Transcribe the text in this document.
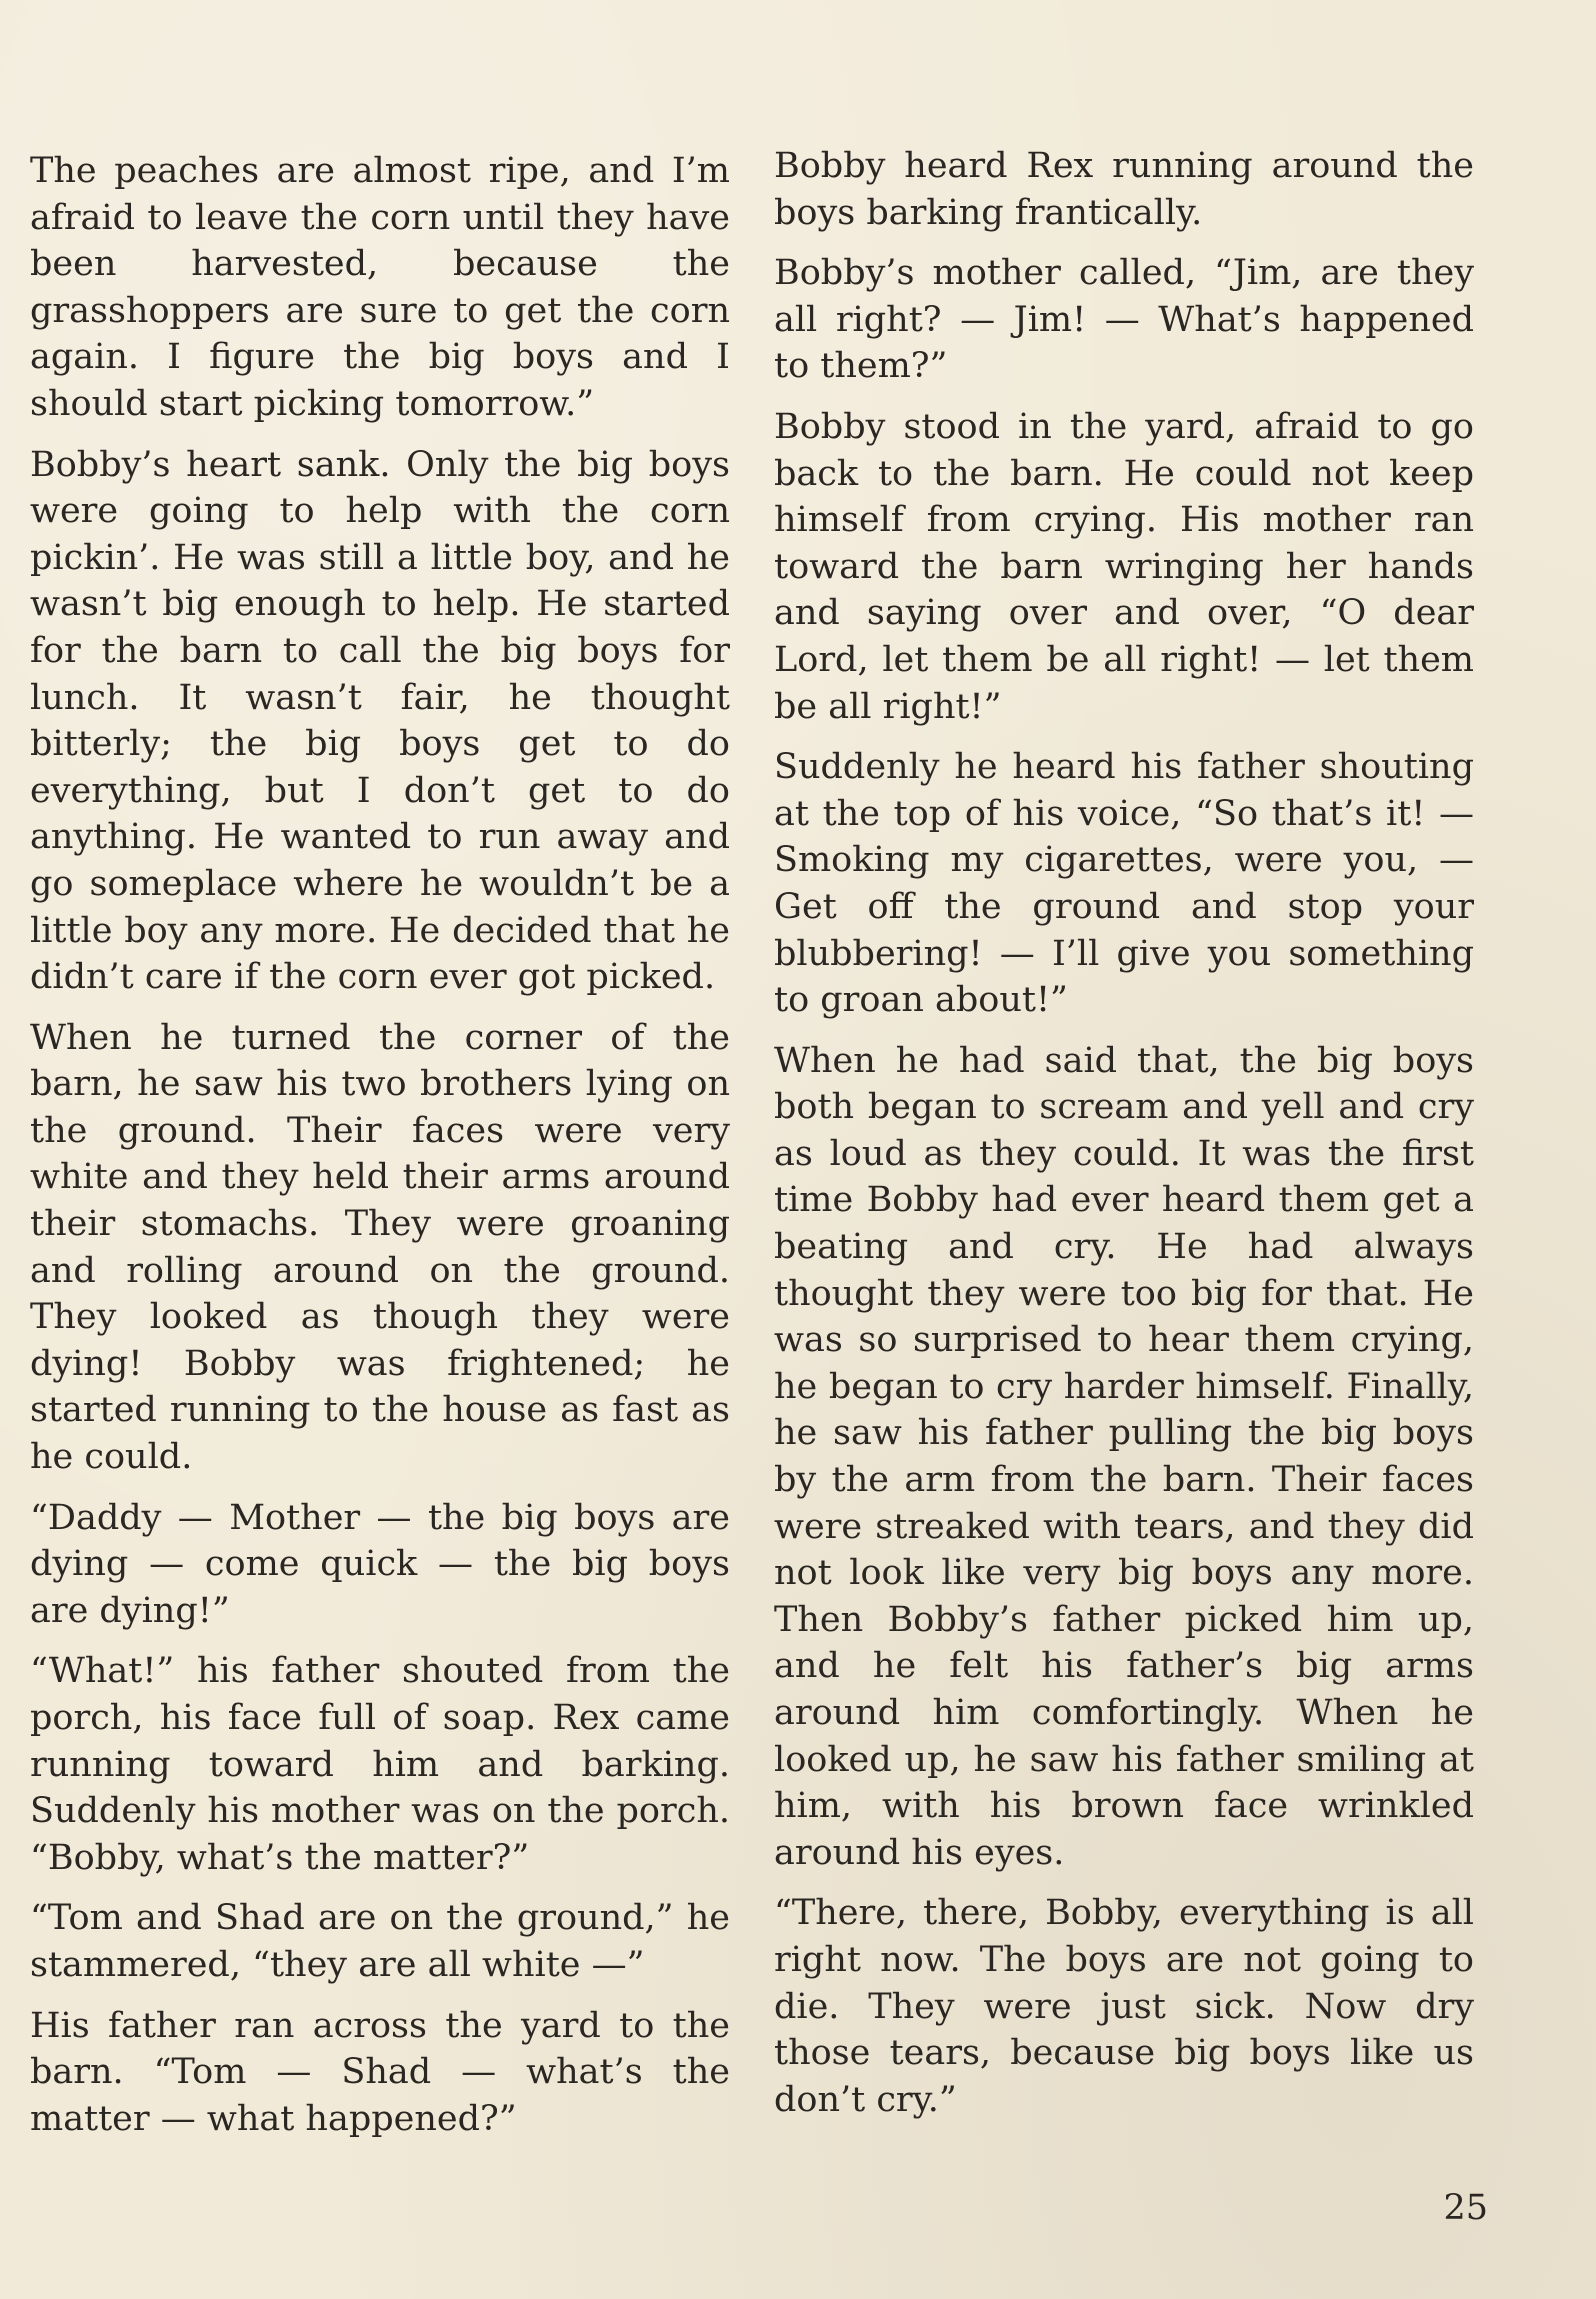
The peaches are almost ripe, and I’m afraid to leave the corn until they have been harvested, because the grasshoppers are sure to get the corn again. I figure the big boys and I should start picking tomorrow.”

Bobby’s heart sank. Only the big boys were going to help with the corn pickin’. He was still a little boy, and he wasn’t big enough to help. He started for the barn to call the big boys for lunch. It wasn’t fair, he thought bitterly; the big boys get to do everything, but I don’t get to do anything. He wanted to run away and go someplace where he wouldn’t be a little boy any more. He decided that he didn’t care if the corn ever got picked.

When he turned the corner of the barn, he saw his two brothers lying on the ground. Their faces were very white and they held their arms around their stomachs. They were groaning and rolling around on the ground. They looked as though they were dying! Bobby was frightened; he started running to the house as fast as he could.

“Daddy — Mother — the big boys are dying — come quick — the big boys are dying!”

“What!” his father shouted from the porch, his face full of soap. Rex came running toward him and barking. Suddenly his mother was on the porch. “Bobby, what’s the matter?”

“Tom and Shad are on the ground,” he stammered, “they are all white —”

His father ran across the yard to the barn. “Tom — Shad — what’s the matter — what happened?”

Bobby heard Rex running around the boys barking frantically.

Bobby’s mother called, “Jim, are they all right? — Jim! — What’s happened to them?”

Bobby stood in the yard, afraid to go back to the barn. He could not keep himself from crying. His mother ran toward the barn wringing her hands and saying over and over, “O dear Lord, let them be all right! — let them be all right!”

Suddenly he heard his father shouting at the top of his voice, “So that’s it! — Smoking my cigarettes, were you, — Get off the ground and stop your blubbering! — I’ll give you something to groan about!”

When he had said that, the big boys both began to scream and yell and cry as loud as they could. It was the first time Bobby had ever heard them get a beating and cry. He had always thought they were too big for that. He was so surprised to hear them crying, he began to cry harder himself. Finally, he saw his father pulling the big boys by the arm from the barn. Their faces were streaked with tears, and they did not look like very big boys any more. Then Bobby’s father picked him up, and he felt his father’s big arms around him comfortingly. When he looked up, he saw his father smiling at him, with his brown face wrinkled around his eyes.

“There, there, Bobby, everything is all right now. The boys are not going to die. They were just sick. Now dry those tears, because big boys like us don’t cry.”

25
